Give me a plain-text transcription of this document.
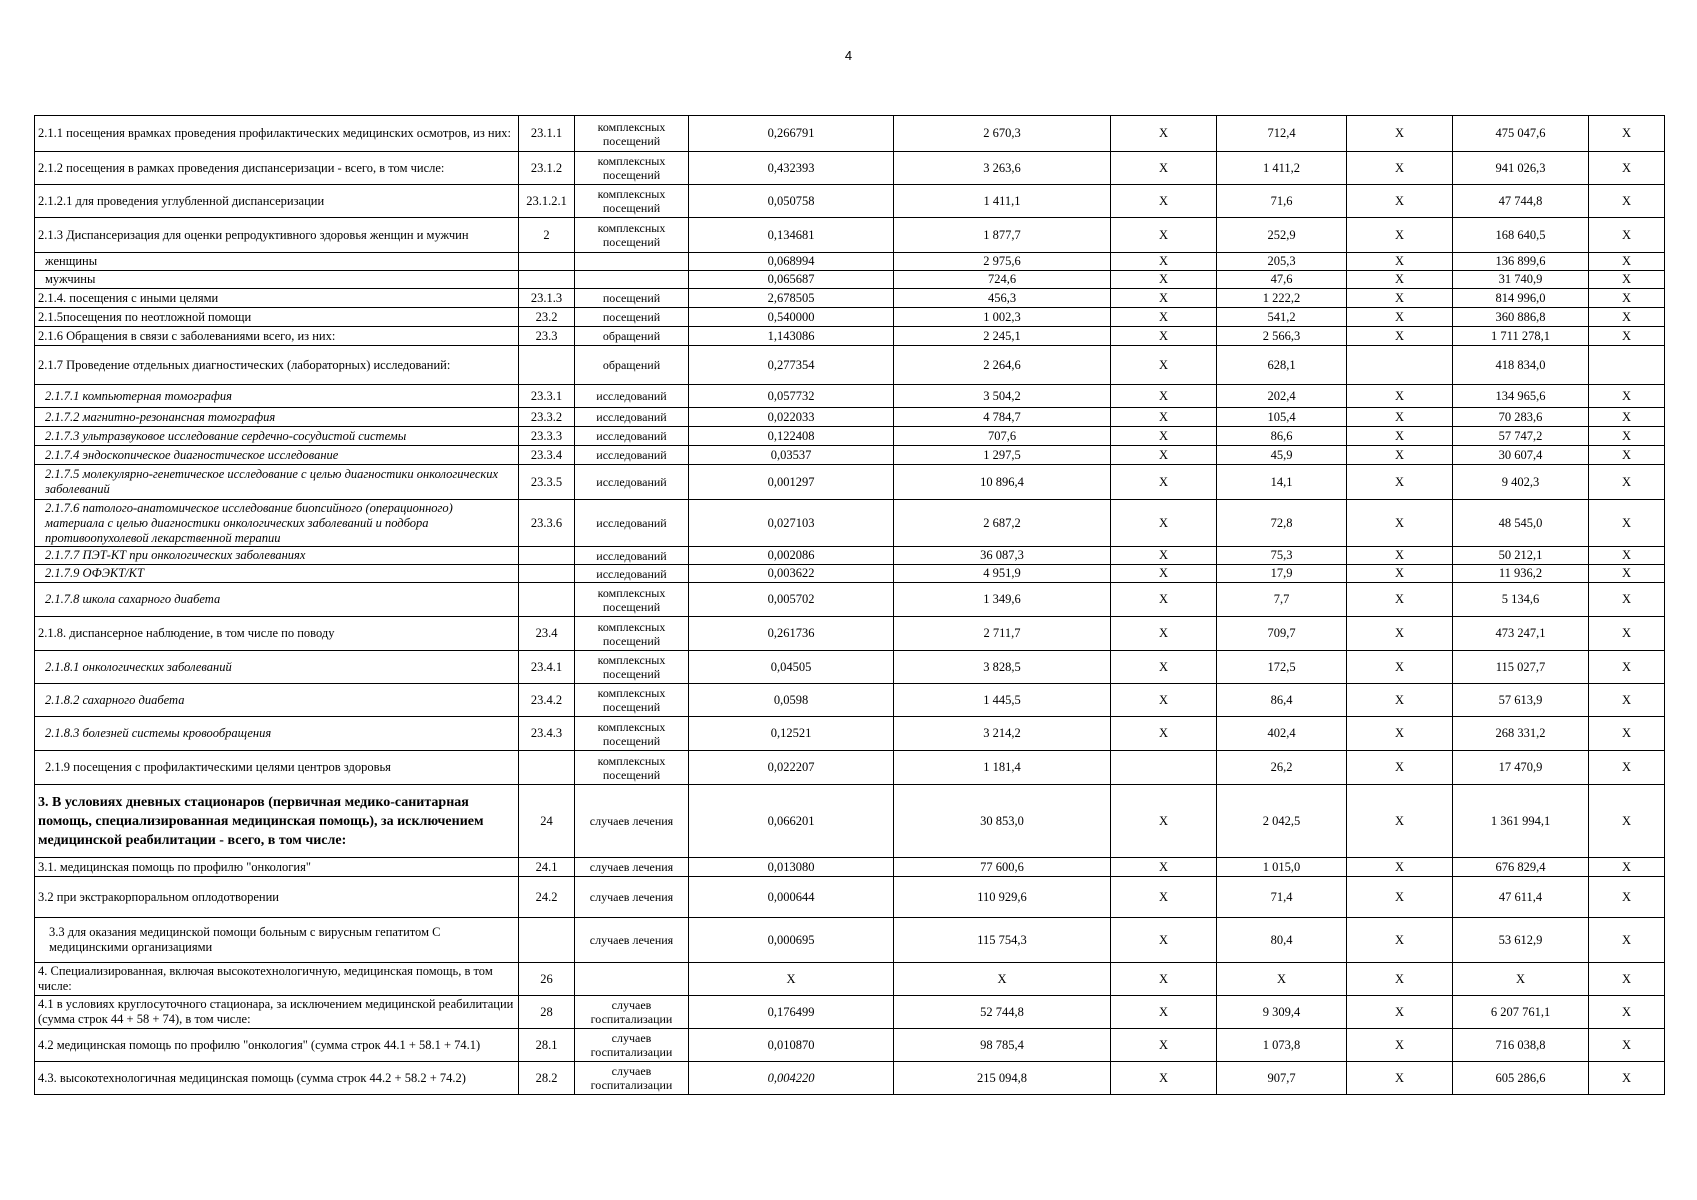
4
2.1.1 посещения врамках проведения профилактических медицинских осмотров, из них:	23.1.1	комплексных посещений	0,266791	2 670,3	X	712,4	X	475 047,6	X
2.1.2 посещения в рамках проведения диспансеризации - всего, в том числе:	23.1.2	комплексных посещений	0,432393	3 263,6	X	1 411,2	X	941 026,3	X
2.1.2.1 для проведения углубленной диспансеризации	23.1.2.1	комплексных посещений	0,050758	1 411,1	X	71,6	X	47 744,8	X
2.1.3 Диспансеризация для оценки репродуктивного здоровья женщин и мужчин	2	комплексных посещений	0,134681	1 877,7	X	252,9	X	168 640,5	X
женщины			0,068994	2 975,6	X	205,3	X	136 899,6	X
мужчины			0,065687	724,6	X	47,6	X	31 740,9	X
2.1.4. посещения с иными целями	23.1.3	посещений	2,678505	456,3	X	1 222,2	X	814 996,0	X
2.1.5посещения по неотложной помощи	23.2	посещений	0,540000	1 002,3	X	541,2	X	360 886,8	X
2.1.6 Обращения в связи с заболеваниями всего, из них:	23.3	обращений	1,143086	2 245,1	X	2 566,3	X	1 711 278,1	X
2.1.7 Проведение отдельных диагностических (лабораторных) исследований:		обращений	0,277354	2 264,6	X	628,1		418 834,0	
2.1.7.1 компьютерная томография	23.3.1	исследований	0,057732	3 504,2	X	202,4	X	134 965,6	X
2.1.7.2 магнитно-резонансная томография	23.3.2	исследований	0,022033	4 784,7	X	105,4	X	70 283,6	X
2.1.7.3 ультразвуковое исследование сердечно-сосудистой системы	23.3.3	исследований	0,122408	707,6	X	86,6	X	57 747,2	X
2.1.7.4 эндоскопическое диагностическое исследование	23.3.4	исследований	0,03537	1 297,5	X	45,9	X	30 607,4	X
2.1.7.5 молекулярно-генетическое исследование с целью диагностики онкологических заболеваний	23.3.5	исследований	0,001297	10 896,4	X	14,1	X	9 402,3	X
2.1.7.6 патолого-анатомическое исследование биопсийного (операционного) материала с целью диагностики онкологических заболеваний и подбора противоопухолевой лекарственной терапии	23.3.6	исследований	0,027103	2 687,2	X	72,8	X	48 545,0	X
2.1.7.7 ПЭТ-КТ при онкологических заболеваниях		исследований	0,002086	36 087,3	X	75,3	X	50 212,1	X
2.1.7.9 ОФЭКТ/КТ		исследований	0,003622	4 951,9	X	17,9	X	11 936,2	X
2.1.7.8 школа сахарного диабета		комплексных посещений	0,005702	1 349,6	X	7,7	X	5 134,6	X
2.1.8. диспансерное наблюдение, в том числе по поводу	23.4	комплексных посещений	0,261736	2 711,7	X	709,7	X	473 247,1	X
2.1.8.1 онкологических заболеваний	23.4.1	комплексных посещений	0,04505	3 828,5	X	172,5	X	115 027,7	X
2.1.8.2 сахарного диабета	23.4.2	комплексных посещений	0,0598	1 445,5	X	86,4	X	57 613,9	X
2.1.8.3 болезней системы кровообращения	23.4.3	комплексных посещений	0,12521	3 214,2	X	402,4	X	268 331,2	X
2.1.9 посещения с профилактическими целями центров здоровья		комплексных посещений	0,022207	1 181,4		26,2	X	17 470,9	X
3. В условиях дневных стационаров (первичная медико-санитарная помощь, специализированная медицинская помощь), за исключением медицинской реабилитации - всего, в том числе:	24	случаев лечения	0,066201	30 853,0	X	2 042,5	X	1 361 994,1	X
3.1. медицинская помощь по профилю "онкология"	24.1	случаев лечения	0,013080	77 600,6	X	1 015,0	X	676 829,4	X
3.2 при экстракорпоральном оплодотворении	24.2	случаев лечения	0,000644	110 929,6	X	71,4	X	47 611,4	X
3.3 для оказания медицинской помощи больным с вирусным гепатитом С медицинскими организациями		случаев лечения	0,000695	115 754,3	X	80,4	X	53 612,9	X
4. Специализированная, включая высокотехнологичную, медицинская помощь, в том числе:	26		X	X	X	X	X	X	X
4.1 в условиях круглосуточного стационара, за исключением медицинской реабилитации (сумма строк 44 + 58 + 74), в том числе:	28	случаев госпитализации	0,176499	52 744,8	X	9 309,4	X	6 207 761,1	X
4.2 медицинская помощь по профилю "онкология" (сумма строк 44.1 + 58.1 + 74.1)	28.1	случаев госпитализации	0,010870	98 785,4	X	1 073,8	X	716 038,8	X
4.3. высокотехнологичная медицинская помощь (сумма строк 44.2 + 58.2 + 74.2)	28.2	случаев госпитализации	0,004220	215 094,8	X	907,7	X	605 286,6	X
